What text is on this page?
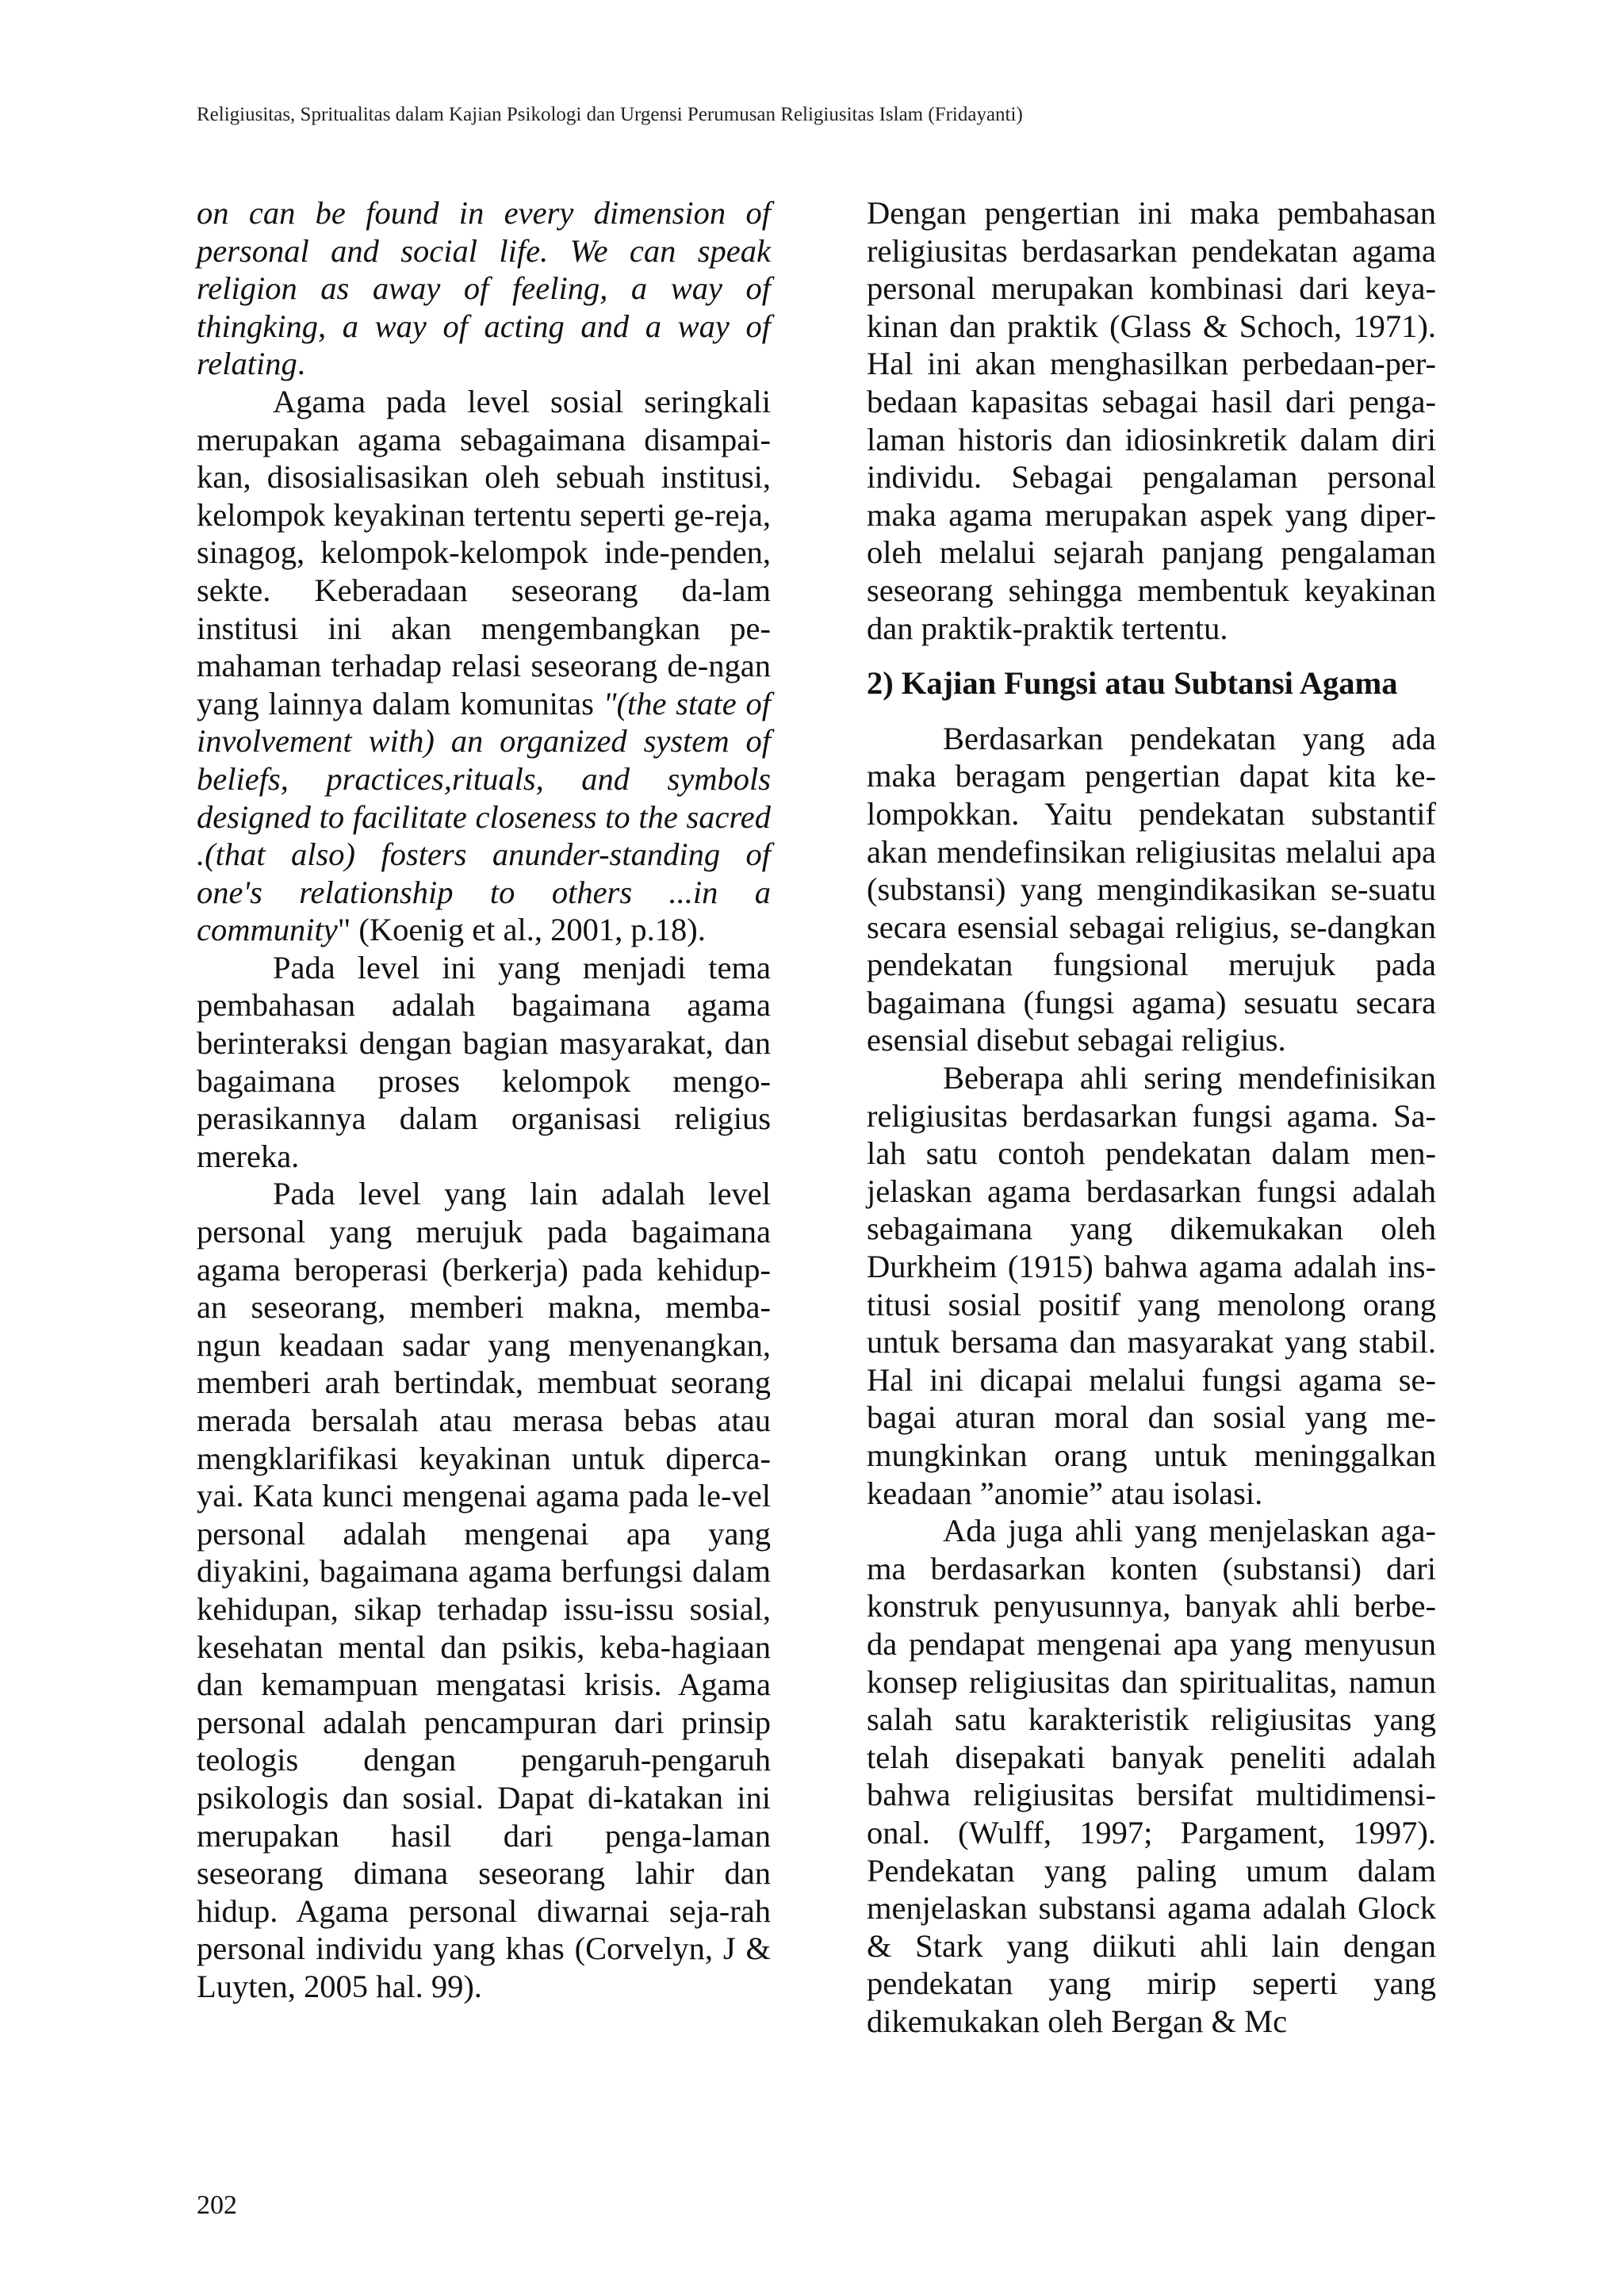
Religiusitas, Spritualitas dalam Kajian Psikologi dan Urgensi Perumusan Religiusitas Islam (Fridayanti)

on can be found in every dimension of personal and social life. We can speak religion as away of feeling, a way of thingking, a way of acting and a way of relating.

Agama pada level sosial seringkali merupakan agama sebagaimana disampai-kan, disosialisasikan oleh sebuah institusi, kelompok keyakinan tertentu seperti ge-reja, sinagog, kelompok-kelompok inde-penden, sekte. Keberadaan seseorang da-lam institusi ini akan mengembangkan pe-mahaman terhadap relasi seseorang de-ngan yang lainnya dalam komunitas "(the state of involvement with) an organized system of beliefs, practices,rituals, and symbols designed to facilitate closeness to the sacred .(that also) fosters anunder-standing of one's relationship to others ...in a community" (Koenig et al., 2001, p.18).

Pada level ini yang menjadi tema pembahasan adalah bagaimana agama berinteraksi dengan bagian masyarakat, dan bagaimana proses kelompok mengo-perasikannya dalam organisasi religius mereka.

Pada level yang lain adalah level personal yang merujuk pada bagaimana agama beroperasi (berkerja) pada kehidup-an seseorang, memberi makna, memba-ngun keadaan sadar yang menyenangkan, memberi arah bertindak, membuat seorang merada bersalah atau merasa bebas atau mengklarifikasi keyakinan untuk diperca-yai. Kata kunci mengenai agama pada le-vel personal adalah mengenai apa yang diyakini, bagaimana agama berfungsi dalam kehidupan, sikap terhadap issu-issu sosial, kesehatan mental dan psikis, keba-hagiaan dan kemampuan mengatasi krisis. Agama personal adalah pencampuran dari prinsip teologis dengan pengaruh-pengaruh psikologis dan sosial. Dapat di-katakan ini merupakan hasil dari penga-laman seseorang dimana seseorang lahir dan hidup. Agama personal diwarnai seja-rah personal individu yang khas (Corvelyn, J & Luyten, 2005 hal. 99).

Dengan pengertian ini maka pembahasan religiusitas berdasarkan pendekatan agama personal merupakan kombinasi dari keya-kinan dan praktik (Glass & Schoch, 1971). Hal ini akan menghasilkan perbedaan-per-bedaan kapasitas sebagai hasil dari penga-laman historis dan idiosinkretik dalam diri individu. Sebagai pengalaman personal maka agama merupakan aspek yang diper-oleh melalui sejarah panjang pengalaman seseorang sehingga membentuk keyakinan dan praktik-praktik tertentu.

2) Kajian Fungsi atau Subtansi Agama

Berdasarkan pendekatan yang ada maka beragam pengertian dapat kita ke-lompokkan. Yaitu pendekatan substantif akan mendefinsikan religiusitas melalui apa (substansi) yang mengindikasikan se-suatu secara esensial sebagai religius, se-dangkan pendekatan fungsional merujuk pada bagaimana (fungsi agama) sesuatu secara esensial disebut sebagai religius.

Beberapa ahli sering mendefinisikan religiusitas berdasarkan fungsi agama. Sa-lah satu contoh pendekatan dalam men-jelaskan agama berdasarkan fungsi adalah sebagaimana yang dikemukakan oleh Durkheim (1915) bahwa agama adalah ins-titusi sosial positif yang menolong orang untuk bersama dan masyarakat yang stabil. Hal ini dicapai melalui fungsi agama se-bagai aturan moral dan sosial yang me-mungkinkan orang untuk meninggalkan keadaan ”anomie” atau isolasi.

Ada juga ahli yang menjelaskan aga-ma berdasarkan konten (substansi) dari konstruk penyusunnya, banyak ahli berbe-da pendapat mengenai apa yang menyusun konsep religiusitas dan spiritualitas, namun salah satu karakteristik religiusitas yang telah disepakati banyak peneliti adalah bahwa religiusitas bersifat multidimensi-onal. (Wulff, 1997; Pargament, 1997). Pendekatan yang paling umum dalam menjelaskan substansi agama adalah Glock & Stark yang diikuti ahli lain dengan pendekatan yang mirip seperti yang dikemukakan oleh Bergan & Mc

202
